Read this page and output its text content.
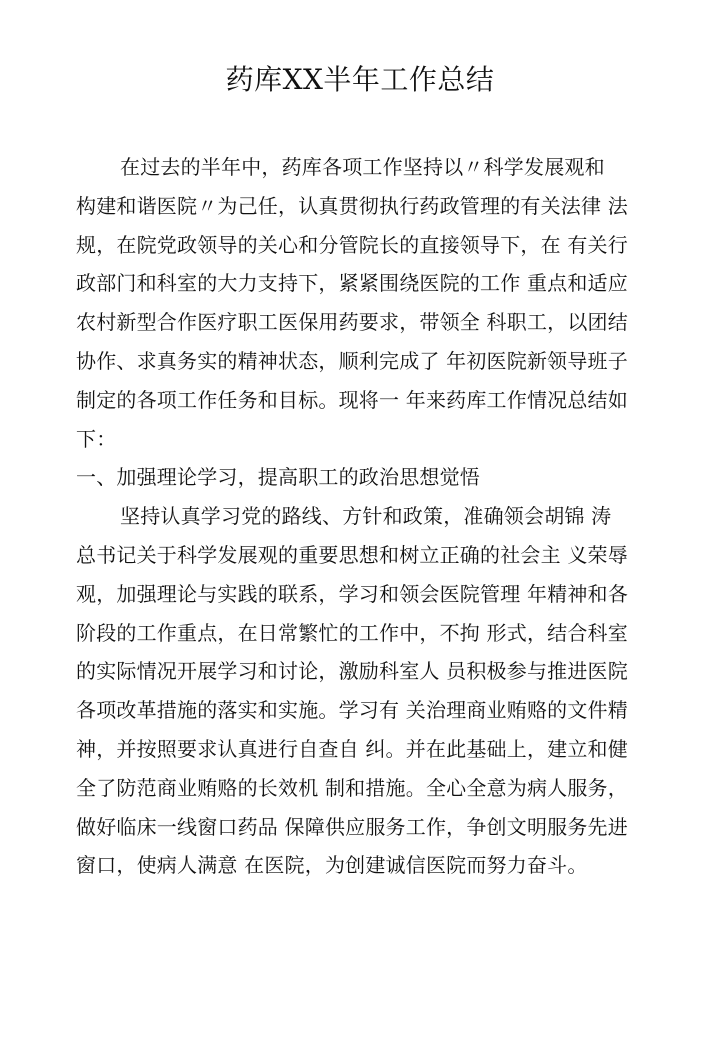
药库XX半年工作总结
在过去的半年中，药库各项工作坚持以〃科学发展观和
构建和谐医院〃为己任，认真贯彻执行药政管理的有关法律 法
规，在院党政领导的关心和分管院长的直接领导下，在 有关行
政部门和科室的大力支持下，紧紧围绕医院的工作 重点和适应
农村新型合作医疗职工医保用药要求，带领全 科职工，以团结
协作、求真务实的精神状态，顺利完成了 年初医院新领导班子
制定的各项工作任务和目标。现将一 年来药库工作情况总结如
下：
一、加强理论学习，提高职工的政治思想觉悟
坚持认真学习党的路线、方针和政策，准确领会胡锦 涛
总书记关于科学发展观的重要思想和树立正确的社会主 义荣辱
观，加强理论与实践的联系，学习和领会医院管理 年精神和各
阶段的工作重点，在日常繁忙的工作中，不拘 形式，结合科室
的实际情况开展学习和讨论，激励科室人 员积极参与推进医院
各项改革措施的落实和实施。学习有 关治理商业贿赂的文件精
神，并按照要求认真进行自查自 纠。并在此基础上，建立和健
全了防范商业贿赂的长效机 制和措施。全心全意为病人服务，
做好临床一线窗口药品 保障供应服务工作，争创文明服务先进
窗口，使病人满意 在医院，为创建诚信医院而努力奋斗。
